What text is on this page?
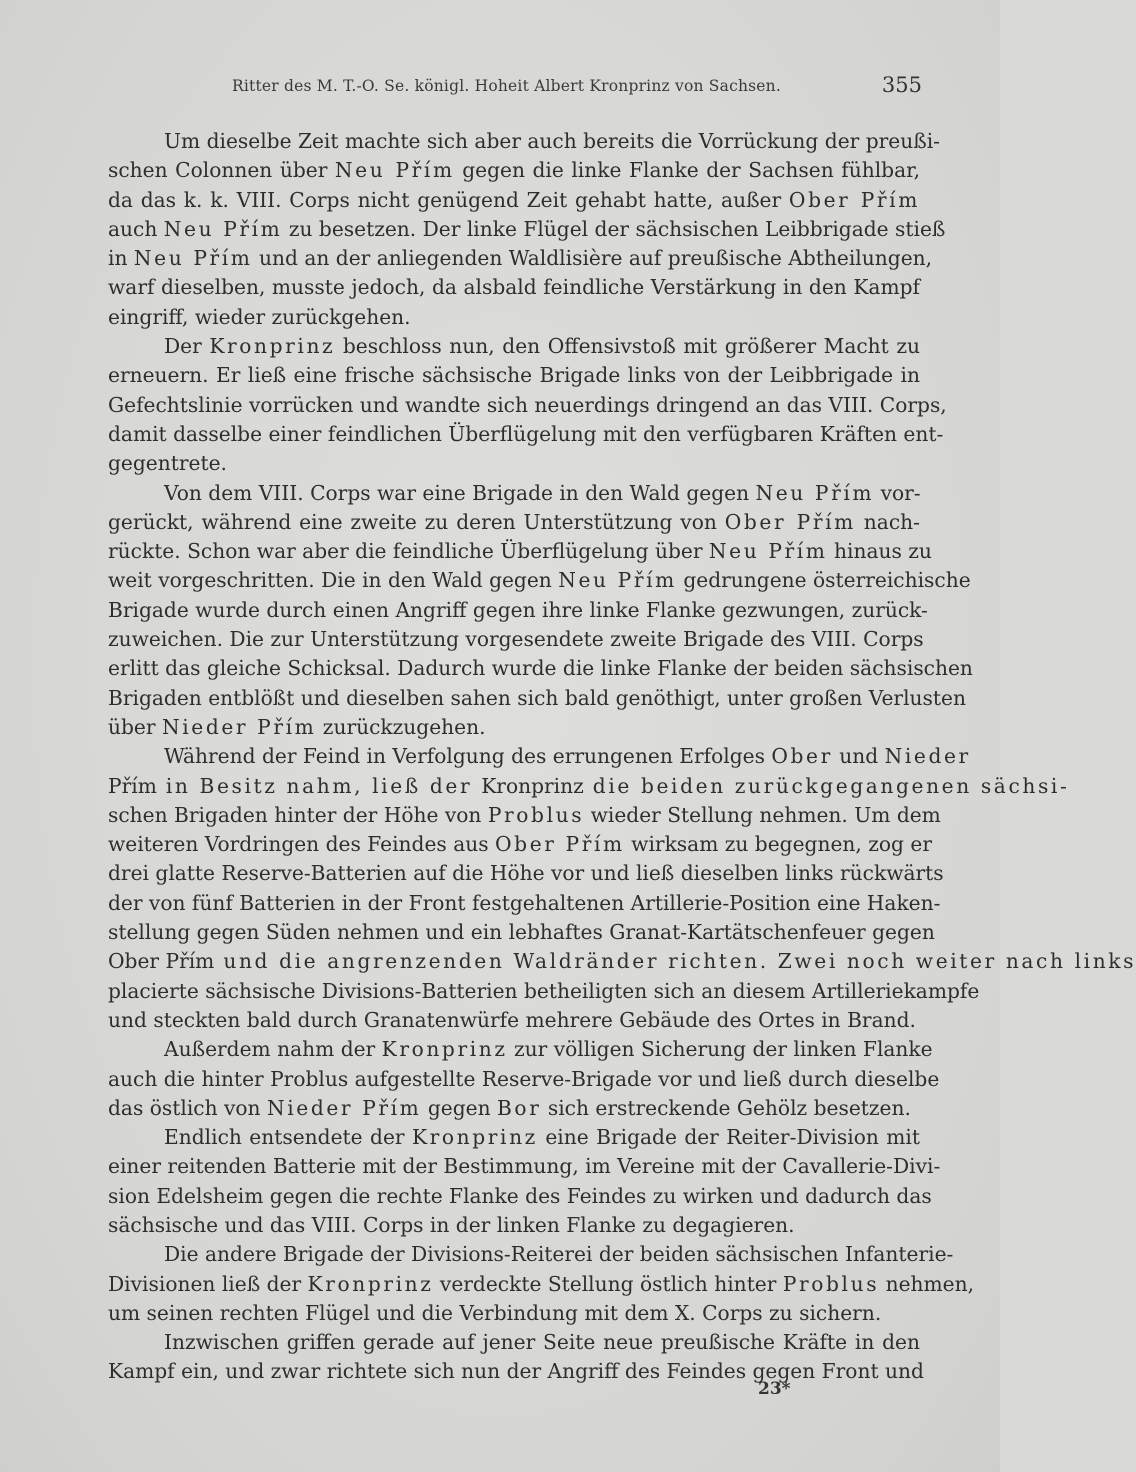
Ritter des M. T.-O. Se. königl. Hoheit Albert Kronprinz von Sachsen.	355
Um dieselbe Zeit machte sich aber auch bereits die Vorrückung der preußi-
schen Colonnen über Neu Přím gegen die linke Flanke der Sachsen fühlbar,
da das k. k. VIII. Corps nicht genügend Zeit gehabt hatte, außer Ober Přím
auch Neu Přím zu besetzen. Der linke Flügel der sächsischen Leibbrigade stieß
in Neu Přím und an der anliegenden Waldlisière auf preußische Abtheilungen,
warf dieselben, musste jedoch, da alsbald feindliche Verstärkung in den Kampf
eingriff, wieder zurückgehen.
Der Kronprinz beschloss nun, den Offensivstoß mit größerer Macht zu
erneuern. Er ließ eine frische sächsische Brigade links von der Leibbrigade in
Gefechtslinie vorrücken und wandte sich neuerdings dringend an das VIII. Corps,
damit dasselbe einer feindlichen Überflügelung mit den verfügbaren Kräften ent-
gegentrete.
Von dem VIII. Corps war eine Brigade in den Wald gegen Neu Přím vor-
gerückt, während eine zweite zu deren Unterstützung von Ober Přím nach-
rückte. Schon war aber die feindliche Überflügelung über Neu Přím hinaus zu
weit vorgeschritten. Die in den Wald gegen Neu Přím gedrungene österreichische
Brigade wurde durch einen Angriff gegen ihre linke Flanke gezwungen, zurück-
zuweichen. Die zur Unterstützung vorgesendete zweite Brigade des VIII. Corps
erlitt das gleiche Schicksal. Dadurch wurde die linke Flanke der beiden sächsischen
Brigaden entblößt und dieselben sahen sich bald genöthigt, unter großen Verlusten
über Nieder Přím zurückzugehen.
Während der Feind in Verfolgung des errungenen Erfolges Ober und Nieder
Přím in Besitz nahm, ließ der Kronprinz die beiden zurückgegangenen sächsi-
schen Brigaden hinter der Höhe von Problus wieder Stellung nehmen. Um dem
weiteren Vordringen des Feindes aus Ober Přím wirksam zu begegnen, zog er
drei glatte Reserve-Batterien auf die Höhe vor und ließ dieselben links rückwärts
der von fünf Batterien in der Front festgehaltenen Artillerie-Position eine Haken-
stellung gegen Süden nehmen und ein lebhaftes Granat-Kartätschenfeuer gegen
Ober Přím und die angrenzenden Waldränder richten. Zwei noch weiter nach links
placierte sächsische Divisions-Batterien betheiligten sich an diesem Artilleriekampfe
und steckten bald durch Granatenwürfe mehrere Gebäude des Ortes in Brand.
Außerdem nahm der Kronprinz zur völligen Sicherung der linken Flanke
auch die hinter Problus aufgestellte Reserve-Brigade vor und ließ durch dieselbe
das östlich von Nieder Přím gegen Bor sich erstreckende Gehölz besetzen.
Endlich entsendete der Kronprinz eine Brigade der Reiter-Division mit
einer reitenden Batterie mit der Bestimmung, im Vereine mit der Cavallerie-Divi-
sion Edelsheim gegen die rechte Flanke des Feindes zu wirken und dadurch das
sächsische und das VIII. Corps in der linken Flanke zu degagieren.
Die andere Brigade der Divisions-Reiterei der beiden sächsischen Infanterie-
Divisionen ließ der Kronprinz verdeckte Stellung östlich hinter Problus nehmen,
um seinen rechten Flügel und die Verbindung mit dem X. Corps zu sichern.
Inzwischen griffen gerade auf jener Seite neue preußische Kräfte in den
Kampf ein, und zwar richtete sich nun der Angriff des Feindes gegen Front und
23*
